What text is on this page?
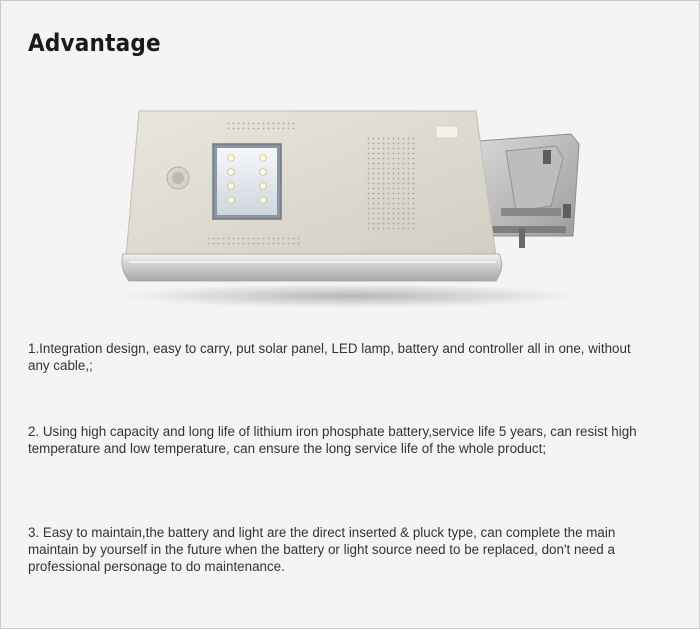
Advantage

1.Integration design, easy to carry, put solar panel, LED lamp, battery and controller all in one, without any cable,;

2. Using high capacity and long life of lithium iron phosphate battery,service life 5 years, can resist high temperature and low temperature, can ensure the long service life of the whole product;

3. Easy to maintain,the battery and light are the direct inserted & pluck type, can complete the main maintain by yourself in the future when the battery or light source need to be replaced, don't need a professional personage to do maintenance.
